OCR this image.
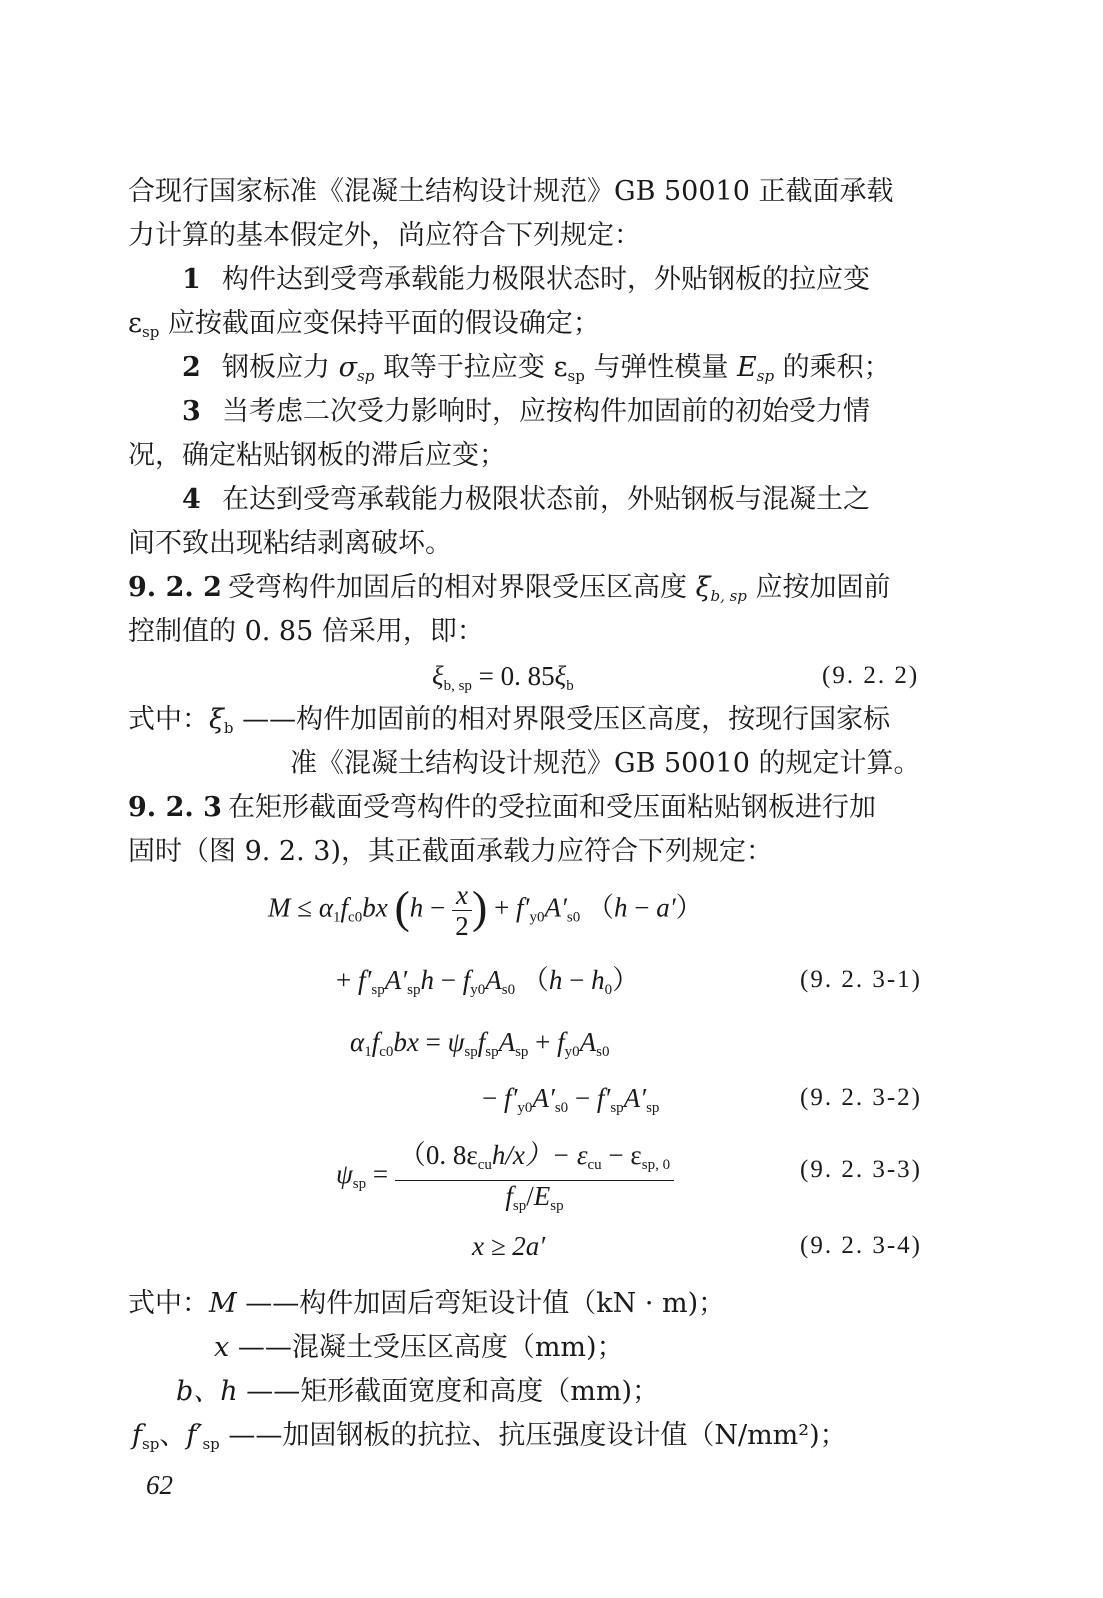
合现行国家标准《混凝土结构设计规范》GB 50010 正截面承载
力计算的基本假定外，尚应符合下列规定：
1 构件达到受弯承载能力极限状态时，外贴钢板的拉应变
$\varepsilon_{sp}$ 应按截面应变保持平面的假设确定；
2 钢板应力 $\sigma_{sp}$ 取等于拉应变 $\varepsilon_{sp}$ 与弹性模量 $E_{sp}$ 的乘积；
3 当考虑二次受力影响时，应按构件加固前的初始受力情
况，确定粘贴钢板的滞后应变；
4 在达到受弯承载能力极限状态前，外贴钢板与混凝土之
间不致出现粘结剥离破坏。
9. 2. 2 受弯构件加固后的相对界限受压区高度 $\xi_{b, sp}$ 应按加固前
控制值的 0. 85 倍采用，即：
$\xi_{b, sp} = 0$. $85\xi_b$	(9. 2. 2)
式中：$\xi_b$ ——构件加固前的相对界限受压区高度，按现行国家标
准《混凝土结构设计规范》GB 50010 的规定计算。
9. 2. 3 在矩形截面受弯构件的受拉面和受压面粘贴钢板进行加
固时（图 9. 2. 3)，其正截面承载力应符合下列规定：
$M \le \alpha_1f_{c0}bx$ ($h - \frac{x}{2}$ ) + $f'_{y0}A'_{s0}$ （h − a′）
+ $f'_{sp}A'_{sp}h - f_{y0}A_{s0}$ $(h - h_0)$	(9. 2. 3-1)
$\alpha_1f_{c0}bx = \psi_{sp}f_{sp}A_{sp} + f_{y0}A_{s0}$
− $f'_{y0}A'_{s0} - f'_{sp}A'_{sp}$	(9. 2. 3-2)
$\psi_{sp} = \frac{(0. 8\varepsilon_{cu}h/x)- \varepsilon_{cu} - \varepsilon_{sp, 0}}{f_{sp}/E_{sp}}$	(9. 2. 3-3)
x ≥ 2a′	(9. 2. 3-4)
式中：M ——构件加固后弯矩设计值（kN · m)；
x ——混凝土受压区高度（mm)；
b、h ——矩形截面宽度和高度（mm)；
$f_{sp}$、$f'_{sp}$ ——加固钢板的抗拉、抗压强度设计值（N/mm²)；
62
